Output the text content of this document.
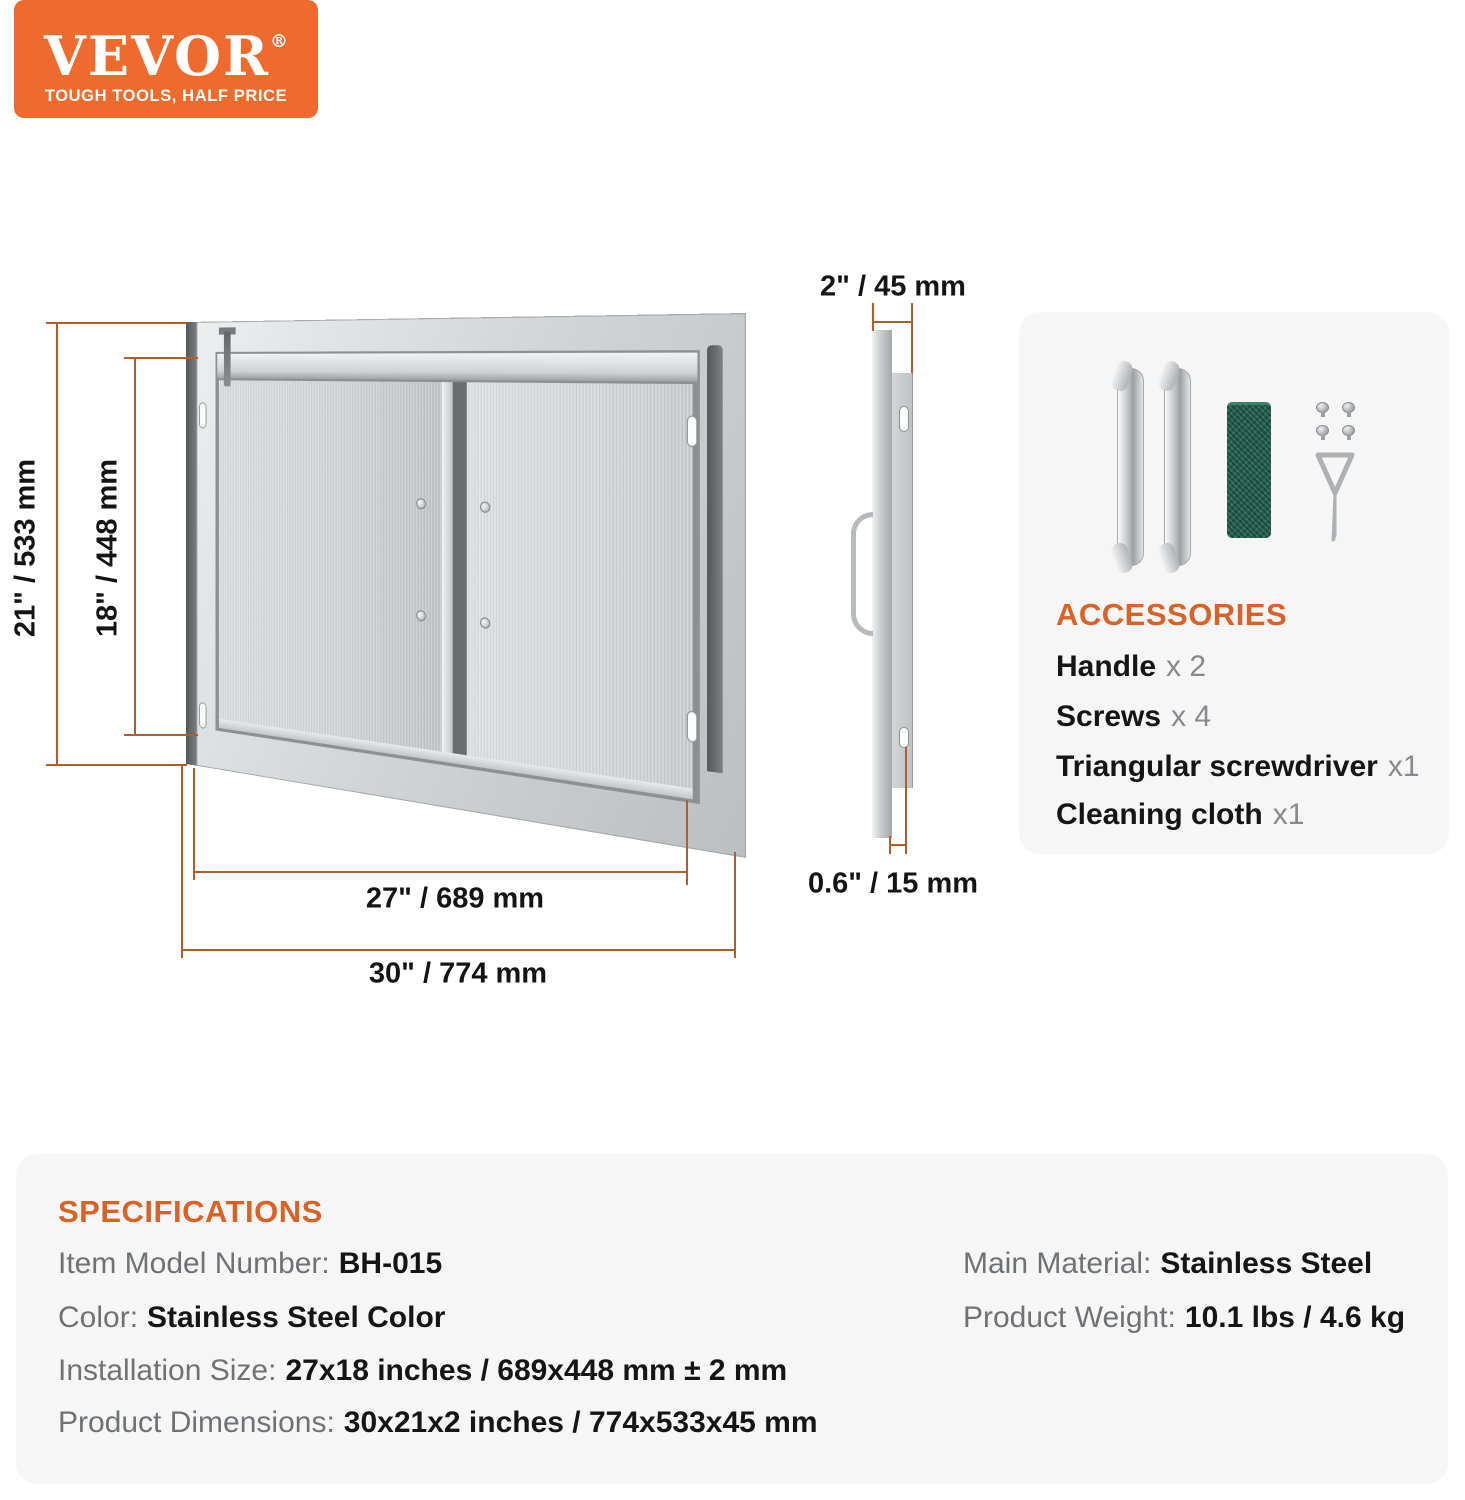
VEVOR®
TOUGH TOOLS, HALF PRICE
21" / 533 mm 18" / 448 mm
27" / 689 mm
30" / 774 mm
2" / 45 mm
0.6" / 15 mm
ACCESSORIES
Handle x 2
Screws x 4
Triangular screwdriver x1
Cleaning cloth x1
SPECIFICATIONS
Item Model Number: BH-015
Color: Stainless Steel Color
Installation Size: 27x18 inches / 689x448 mm ± 2 mm
Product Dimensions: 30x21x2 inches / 774x533x45 mm
Main Material: Stainless Steel
Product Weight: 10.1 lbs / 4.6 kg
